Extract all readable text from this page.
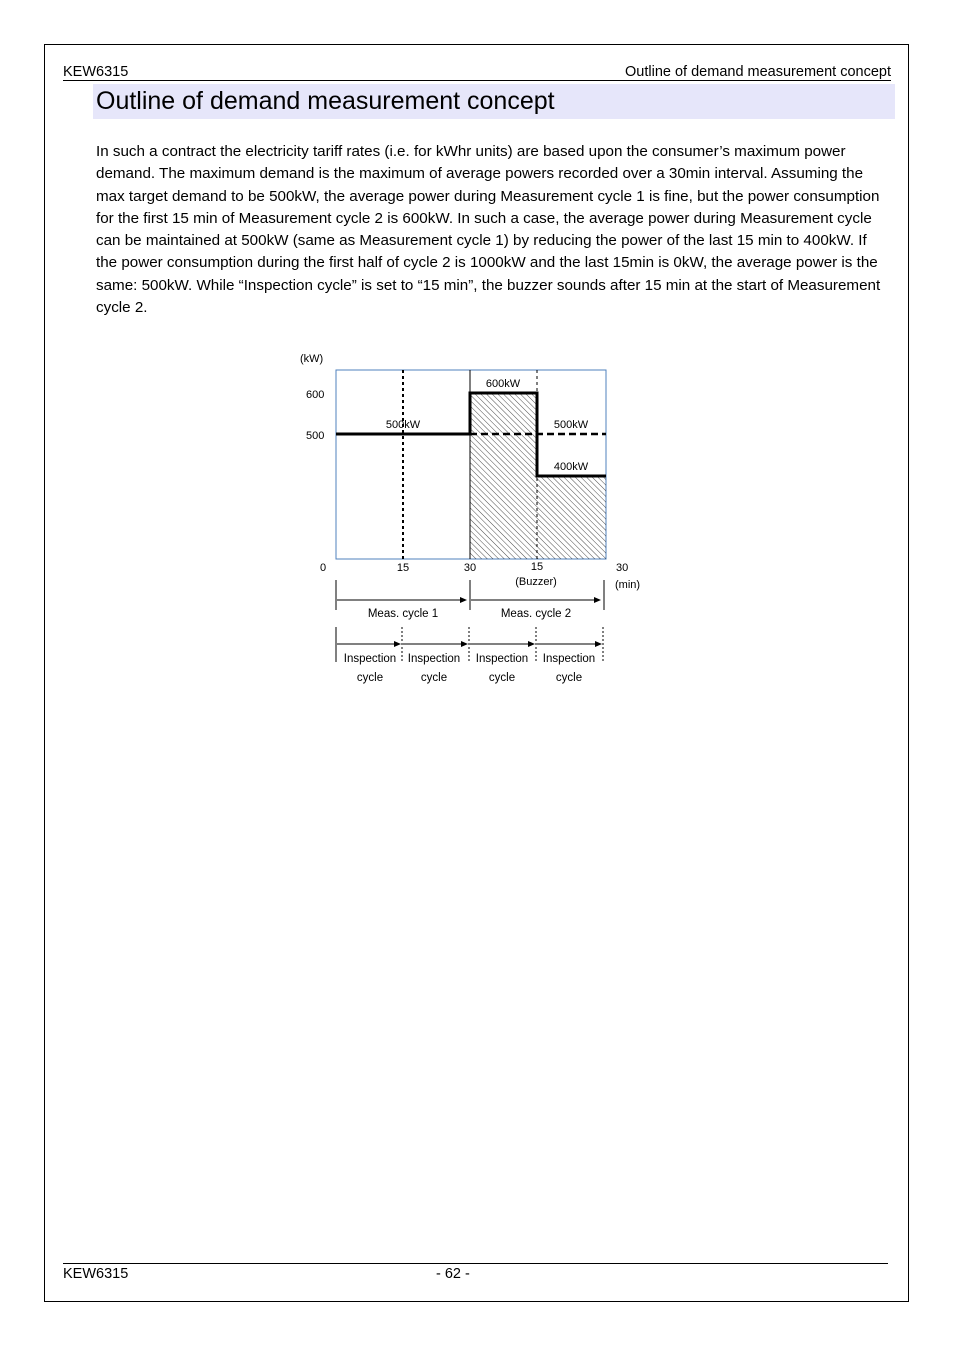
KEW6315	Outline of demand measurement concept
Outline of demand measurement concept

In such a contract the electricity tariff rates (i.e. for kWhr units) are based upon the consumer’s maximum power demand. The maximum demand is the maximum of average powers recorded over a 30min interval. Assuming the max target demand to be 500kW, the average power during Measurement cycle 1 is fine, but the power consumption for the first 15 min of Measurement cycle 2 is 600kW. In such a case, the average power during Measurement cycle can be maintained at 500kW (same as Measurement cycle 1) by reducing the power of the last 15 min to 400kW. If the power consumption during the first half of cycle 2 is 1000kW and the last 15min is 0kW, the average power is the same: 500kW. While “Inspection cycle” is set to “15 min”, the buzzer sounds after 15 min at the start of Measurement cycle 2.

(kW)
600
500
0
500kW
600kW
500kW
400kW
15	30	15
(Buzzer)
30
(min)
Meas. cycle 1	Meas. cycle 2
Inspection
cycle
Inspection
cycle
Inspection
cycle
Inspection
cycle
KEW6315	- 62 -
